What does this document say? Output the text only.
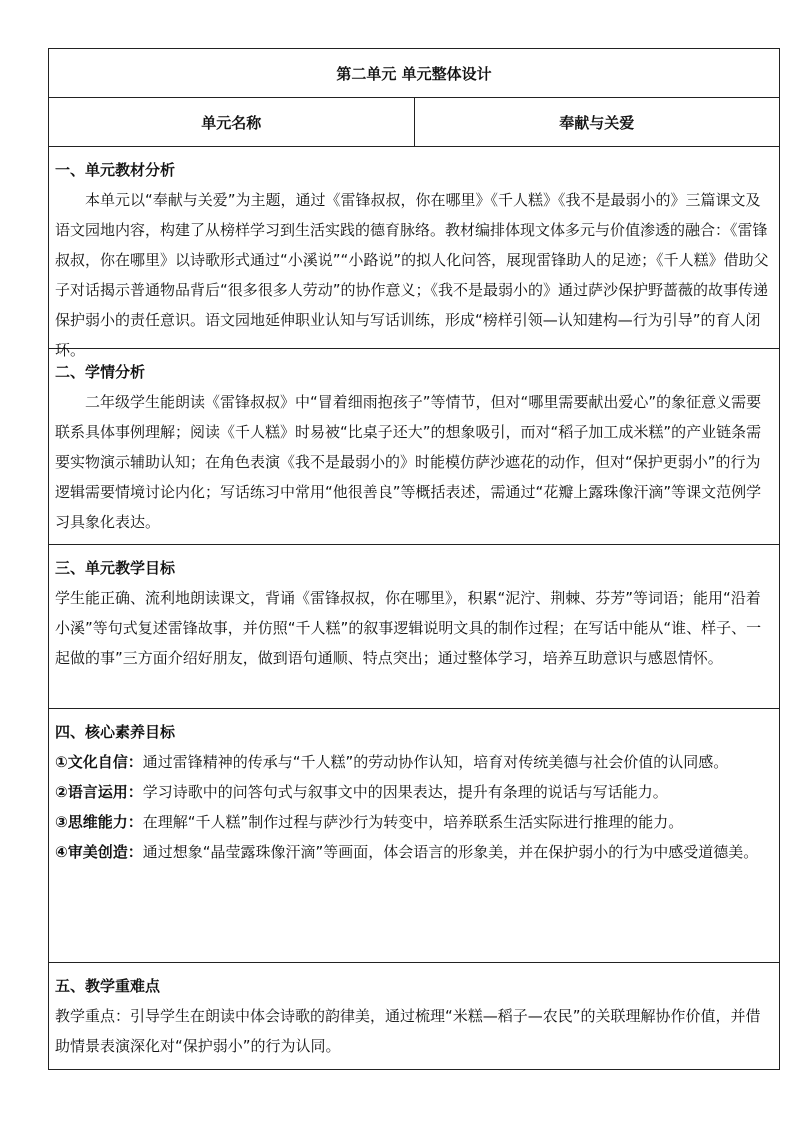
第二单元 单元整体设计
单元名称	奉献与关爱
一、单元教材分析

本单元以“奉献与关爱”为主题，通过《雷锋叔叔，你在哪里》《千人糕》《我不是最弱小的》三篇课文及语文园地内容，构建了从榜样学习到生活实践的德育脉络。教材编排体现文体多元与价值渗透的融合：《雷锋叔叔，你在哪里》以诗歌形式通过“小溪说”“小路说”的拟人化问答，展现雷锋助人的足迹；《千人糕》借助父子对话揭示普通物品背后“很多很多人劳动”的协作意义；《我不是最弱小的》通过萨沙保护野蔷薇的故事传递保护弱小的责任意识。语文园地延伸职业认知与写话训练，形成“榜样引领—认知建构—行为引导”的育人闭环。

二、学情分析

二年级学生能朗读《雷锋叔叔》中“冒着细雨抱孩子”等情节，但对“哪里需要献出爱心”的象征意义需要联系具体事例理解；阅读《千人糕》时易被“比桌子还大”的想象吸引，而对“稻子加工成米糕”的产业链条需要实物演示辅助认知；在角色表演《我不是最弱小的》时能模仿萨沙遮花的动作，但对“保护更弱小”的行为逻辑需要情境讨论内化；写话练习中常用“他很善良”等概括表述，需通过“花瓣上露珠像汗滴”等课文范例学习具象化表达。

三、单元教学目标

学生能正确、流利地朗读课文，背诵《雷锋叔叔，你在哪里》，积累“泥泞、荆棘、芬芳”等词语；能用“沿着小溪”等句式复述雷锋故事，并仿照“千人糕”的叙事逻辑说明文具的制作过程；在写话中能从“谁、样子、一起做的事”三方面介绍好朋友，做到语句通顺、特点突出；通过整体学习，培养互助意识与感恩情怀。

四、核心素养目标

①文化自信：通过雷锋精神的传承与“千人糕”的劳动协作认知，培育对传统美德与社会价值的认同感。

②语言运用：学习诗歌中的问答句式与叙事文中的因果表达，提升有条理的说话与写话能力。

③思维能力：在理解“千人糕”制作过程与萨沙行为转变中，培养联系生活实际进行推理的能力。

④审美创造：通过想象“晶莹露珠像汗滴”等画面，体会语言的形象美，并在保护弱小的行为中感受道德美。

五、教学重难点

教学重点：引导学生在朗读中体会诗歌的韵律美，通过梳理“米糕—稻子—农民”的关联理解协作价值，并借助情景表演深化对“保护弱小”的行为认同。
